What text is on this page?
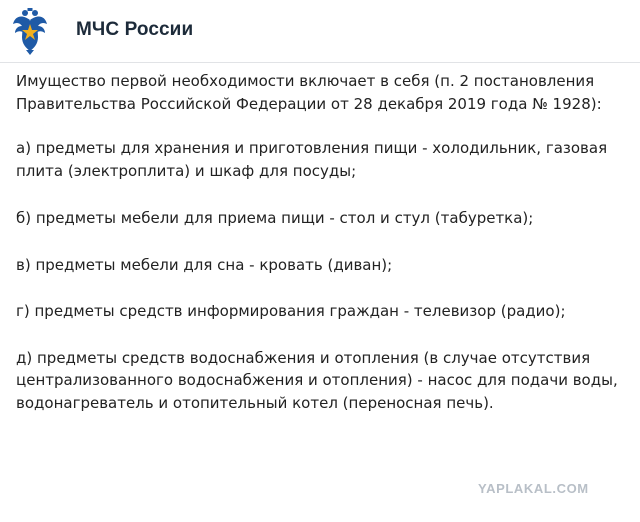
МЧС России

Имущество первой необходимости включает в себя (п. 2 постановления Правительства Российской Федерации от 28 декабря 2019 года № 1928):

а) предметы для хранения и приготовления пищи - холодильник, газовая плита (электроплита) и шкаф для посуды;

б) предметы мебели для приема пищи - стол и стул (табуретка);

в) предметы мебели для сна - кровать (диван);

г) предметы средств информирования граждан - телевизор (радио);

д) предметы средств водоснабжения и отопления (в случае отсутствия централизованного водоснабжения и отопления) - насос для подачи воды, водонагреватель и отопительный котел (переносная печь).

YAPLAKAL.COM
